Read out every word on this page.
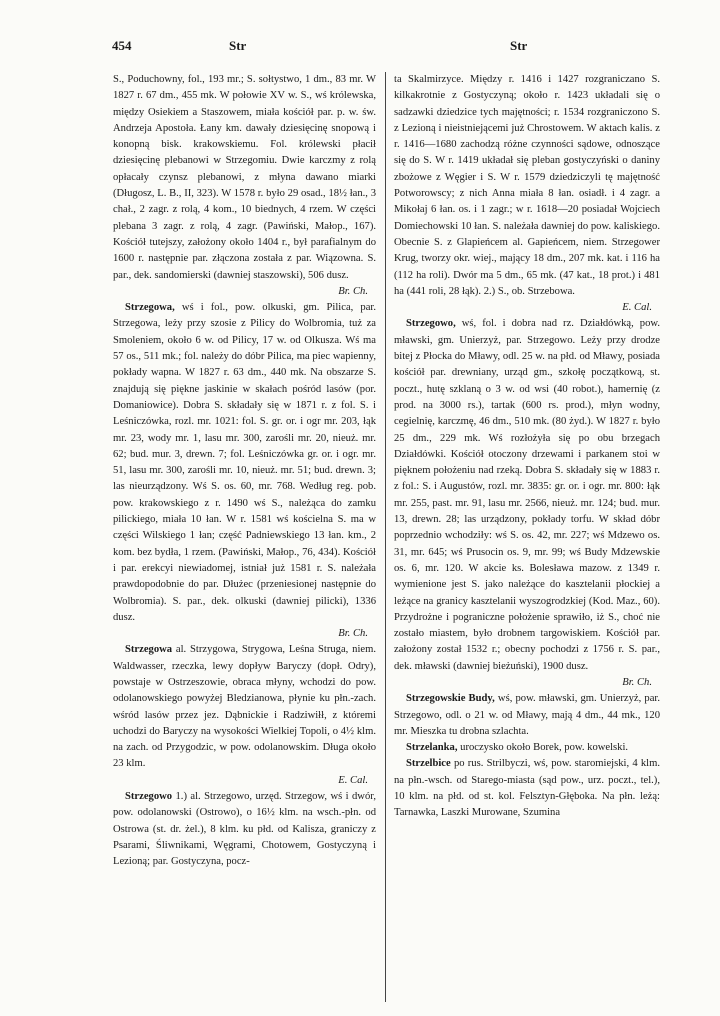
454	Str	Str

S., Poduchowny, fol., 193 mr.; S. sołtystwo, 1 dm., 83 mr. W 1827 r. 67 dm., 455 mk. W połowie XV w. S., wś królewska, między Osiekiem a Staszowem, miała kościół par. p. w. św. Andrzeja Apostoła. Łany km. dawały dziesięcinę snopową i konopną bisk. krakowskiemu. Fol. królewski płacił dziesięcinę plebanowi w Strzegomiu. Dwie karczmy z rolą opłacały czynsz plebanowi, z młyna dawano miarki (Długosz, L. B., II, 323). W 1578 r. było 29 osad., 18½ łan., 3 chał., 2 zagr. z rolą, 4 kom., 10 biednych, 4 rzem. W części plebana 3 zagr. z rolą, 4 zagr. (Pawiński, Małop., 167). Kościół tutejszy, założony około 1404 r., był parafialnym do 1600 r. następnie par. złączona została z par. Wiązowna. S. par., dek. sandomierski (dawniej staszowski), 506 dusz.
Br. Ch.

Strzegowa, wś i fol., pow. olkuski, gm. Pilica, par. Strzegowa, leży przy szosie z Pilicy do Wolbromia, tuż za Smoleniem, około 6 w. od Pilicy, 17 w. od Olkusza. Wś ma 57 os., 511 mk.; fol. należy do dóbr Pilica, ma piec wapienny, pokłady wapna. W 1827 r. 63 dm., 440 mk. Na obszarze S. znajdują się piękne jaskinie w skałach pośród lasów (por. Domaniowice). Dobra S. składały się w 1871 r. z fol. S. i Leśniczówka, rozl. mr. 1021: fol. S. gr. or. i ogr mr. 203, łąk mr. 23, wody mr. 1, lasu mr. 300, zarośli mr. 20, nieuż. mr. 62; bud. mur. 3, drewn. 7; fol. Leśniczówka gr. or. i ogr. mr. 51, lasu mr. 300, zarośli mr. 10, nieuż. mr. 51; bud. drewn. 3; las nieurządzony. Wś S. os. 60, mr. 768. Według reg. pob. pow. krakowskiego z r. 1490 wś S., należąca do zamku pilickiego, miała 10 łan. W r. 1581 wś kościelna S. ma w części Wilskiego 1 łan; część Padniewskiego 13 łan. km., 2 kom. bez bydła, 1 rzem. (Pawiński, Małop., 76, 434). Kościół i par. erekcyi niewiadomej, istniał już 1581 r. S. należała prawdopodobnie do par. Dłużec (przeniesionej następnie do Wolbromia). S. par., dek. olkuski (dawniej pilicki), 1336 dusz.
Br. Ch.

Strzegowa al. Strzygowa, Strygowa, Leśna Struga, niem. Waldwasser, rzeczka, lewy dopływ Baryczy (dopł. Odry), powstaje w Ostrzeszowie, obraca młyny, wchodzi do pow. odolanowskiego powyżej Bledzianowa, płynie ku płn.-zach. wśród lasów przez jez. Dąbnickie i Radziwiłł, z któremi uchodzi do Baryczy na wysokości Wielkiej Topoli, o 4½ klm. na zach. od Przygodzic, w pow. odolanowskim. Długa około 23 klm.
E. Cal.

Strzegowo 1.) al. Strzegowo, urzęd. Strzegow, wś i dwór, pow. odolanowski (Ostrowo), o 16½ klm. na wsch.-płn. od Ostrowa (st. dr. żel.), 8 klm. ku płd. od Kalisza, graniczy z Psarami, Śliwnikami, Węgrami, Chotowem, Gostyczyną i Lezioną; par. Gostyczyna, pocz-

ta Skalmirzyce. Między r. 1416 i 1427 rozgraniczano S. kilkakrotnie z Gostyczyną; około r. 1423 układali się o sadzawki dziedzice tych majętności; r. 1534 rozgraniczono S. z Lezioną i nieistniejącemi już Chrostowem. W aktach kalis. z r. 1416—1680 zachodzą różne czynności sądowe, odnoszące się do S. W r. 1419 układał się pleban gostyczyński o daniny zbożowe z Węgier i S. W r. 1579 dziedziczyli tę majętność Potworowscy; z nich Anna miała 8 łan. osiadł. i 4 zagr. a Mikołaj 6 łan. os. i 1 zagr.; w r. 1618—20 posiadał Wojciech Domiechowski 10 łan. S. należała dawniej do pow. kaliskiego. Obecnie S. z Glapieńcem al. Gapieńcem, niem. Strzegower Krug, tworzy okr. wiej., mający 18 dm., 207 mk. kat. i 116 ha (112 ha roli). Dwór ma 5 dm., 65 mk. (47 kat., 18 prot.) i 481 ha (441 roli, 28 łąk). 2.) S., ob. Strzebowa.
E. Cal.

Strzegowo, wś, fol. i dobra nad rz. Działdówką, pow. mławski, gm. Unierzyż, par. Strzegowo. Leży przy drodze bitej z Płocka do Mławy, odl. 25 w. na płd. od Mławy, posiada kościół par. drewniany, urząd gm., szkołę początkową, st. poczt., hutę szklaną o 3 w. od wsi (40 robot.), hamernię (z prod. na 3000 rs.), tartak (600 rs. prod.), młyn wodny, cegielnię, karczmę, 46 dm., 510 mk. (80 żyd.). W 1827 r. było 25 dm., 229 mk. Wś rozłożyła się po obu brzegach Działdówki. Kościół otoczony drzewami i parkanem stoi w pięknem położeniu nad rzeką. Dobra S. składały się w 1883 r. z fol.: S. i Augustów, rozl. mr. 3835: gr. or. i ogr. mr. 800: łąk mr. 255, past. mr. 91, lasu mr. 2566, nieuż. mr. 124; bud. mur. 13, drewn. 28; las urządzony, pokłady torfu. W skład dóbr poprzednio wchodziły: wś S. os. 42, mr. 227; wś Mdzewo os. 31, mr. 645; wś Prusocin os. 9, mr. 99; wś Budy Mdzewskie os. 6, mr. 120. W akcie ks. Bolesława mazow. z 1349 r. wymienione jest S. jako należące do kasztelanii płockiej a leżące na granicy kasztelanii wyszogrodzkiej (Kod. Maz., 60). Przydrożne i pograniczne położenie sprawiło, iż S., choć nie zostało miastem, było drobnem targowiskiem. Kościół par. założony został 1532 r.; obecny pochodzi z 1756 r. S. par., dek. mławski (dawniej bieżuński), 1900 dusz.
Br. Ch.

Strzegowskie Budy, wś, pow. mławski, gm. Unierzyż, par. Strzegowo, odl. o 21 w. od Mławy, mają 4 dm., 44 mk., 120 mr. Mieszka tu drobna szlachta.

Strzelanka, uroczysko około Borek, pow. kowelski.

Strzelbice po rus. Strilbyczi, wś, pow. staromiejski, 4 klm. na płn.-wsch. od Starego-miasta (sąd pow., urz. poczt., tel.), 10 klm. na płd. od st. kol. Felsztyn-Głęboka. Na płn. leżą: Tarnawka, Laszki Murowane, Szumina
